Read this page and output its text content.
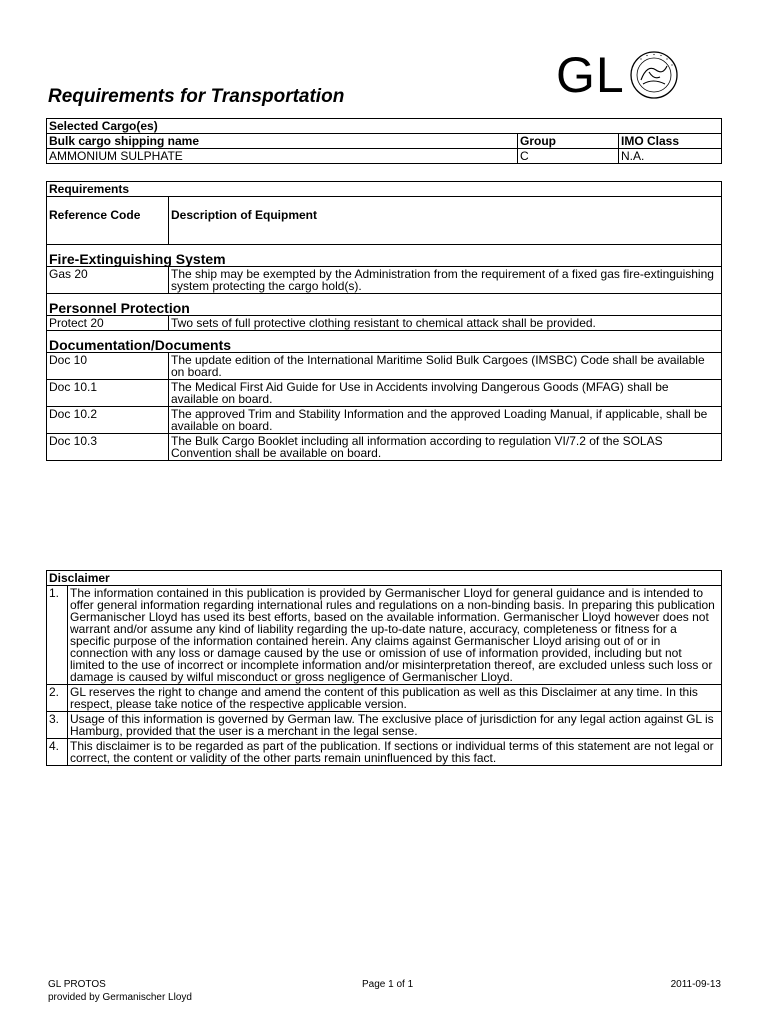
Requirements for Transportation	GL
Selected Cargo(es)		
Bulk cargo shipping name	Group	IMO Class
AMMONIUM SULPHATE	C	N.A.
Requirements	
Reference Code	Description of Equipment
Fire-Extinguishing System	
Gas 20	The ship may be exempted by the Administration from the requirement of a fixed gas fire-extinguishing system protecting the cargo hold(s).
Personnel Protection	
Protect 20	Two sets of full protective clothing resistant to chemical attack shall be provided.
Documentation/Documents	
Doc 10	The update edition of the International Maritime Solid Bulk Cargoes (IMSBC) Code shall be available on board.
Doc 10.1	The Medical First Aid Guide for Use in Accidents involving Dangerous Goods (MFAG) shall be available on board.
Doc 10.2	The approved Trim and Stability Information and the approved Loading Manual, if applicable, shall be available on board.
Doc 10.3	The Bulk Cargo Booklet including all information according to regulation VI/7.2 of the SOLAS Convention shall be available on board.
Disclaimer	
1.	The information contained in this publication is provided by Germanischer Lloyd for general guidance and is intended to offer general information regarding international rules and regulations on a non-binding basis. In preparing this publication Germanischer Lloyd has used its best efforts, based on the available information. Germanischer Lloyd however does not warrant and/or assume any kind of liability regarding the up-to-date nature, accuracy, completeness or fitness for a specific purpose of the information contained herein. Any claims against Germanischer Lloyd arising out of or in connection with any loss or damage caused by the use or omission of use of information provided, including but not limited to the use of incorrect or incomplete information and/or misinterpretation thereof, are excluded unless such loss or damage is caused by wilful misconduct or gross negligence of Germanischer Lloyd.
2.	GL reserves the right to change and amend the content of this publication as well as this Disclaimer at any time. In this respect, please take notice of the respective applicable version.
3.	Usage of this information is governed by German law. The exclusive place of jurisdiction for any legal action against GL is Hamburg, provided that the user is a merchant in the legal sense.
4.	This disclaimer is to be regarded as part of the publication. If sections or individual terms of this statement are not legal or correct, the content or validity of the other parts remain uninfluenced by this fact.
GL PROTOS
provided by Germanischer Lloyd
Page 1 of 1	2011-09-13
